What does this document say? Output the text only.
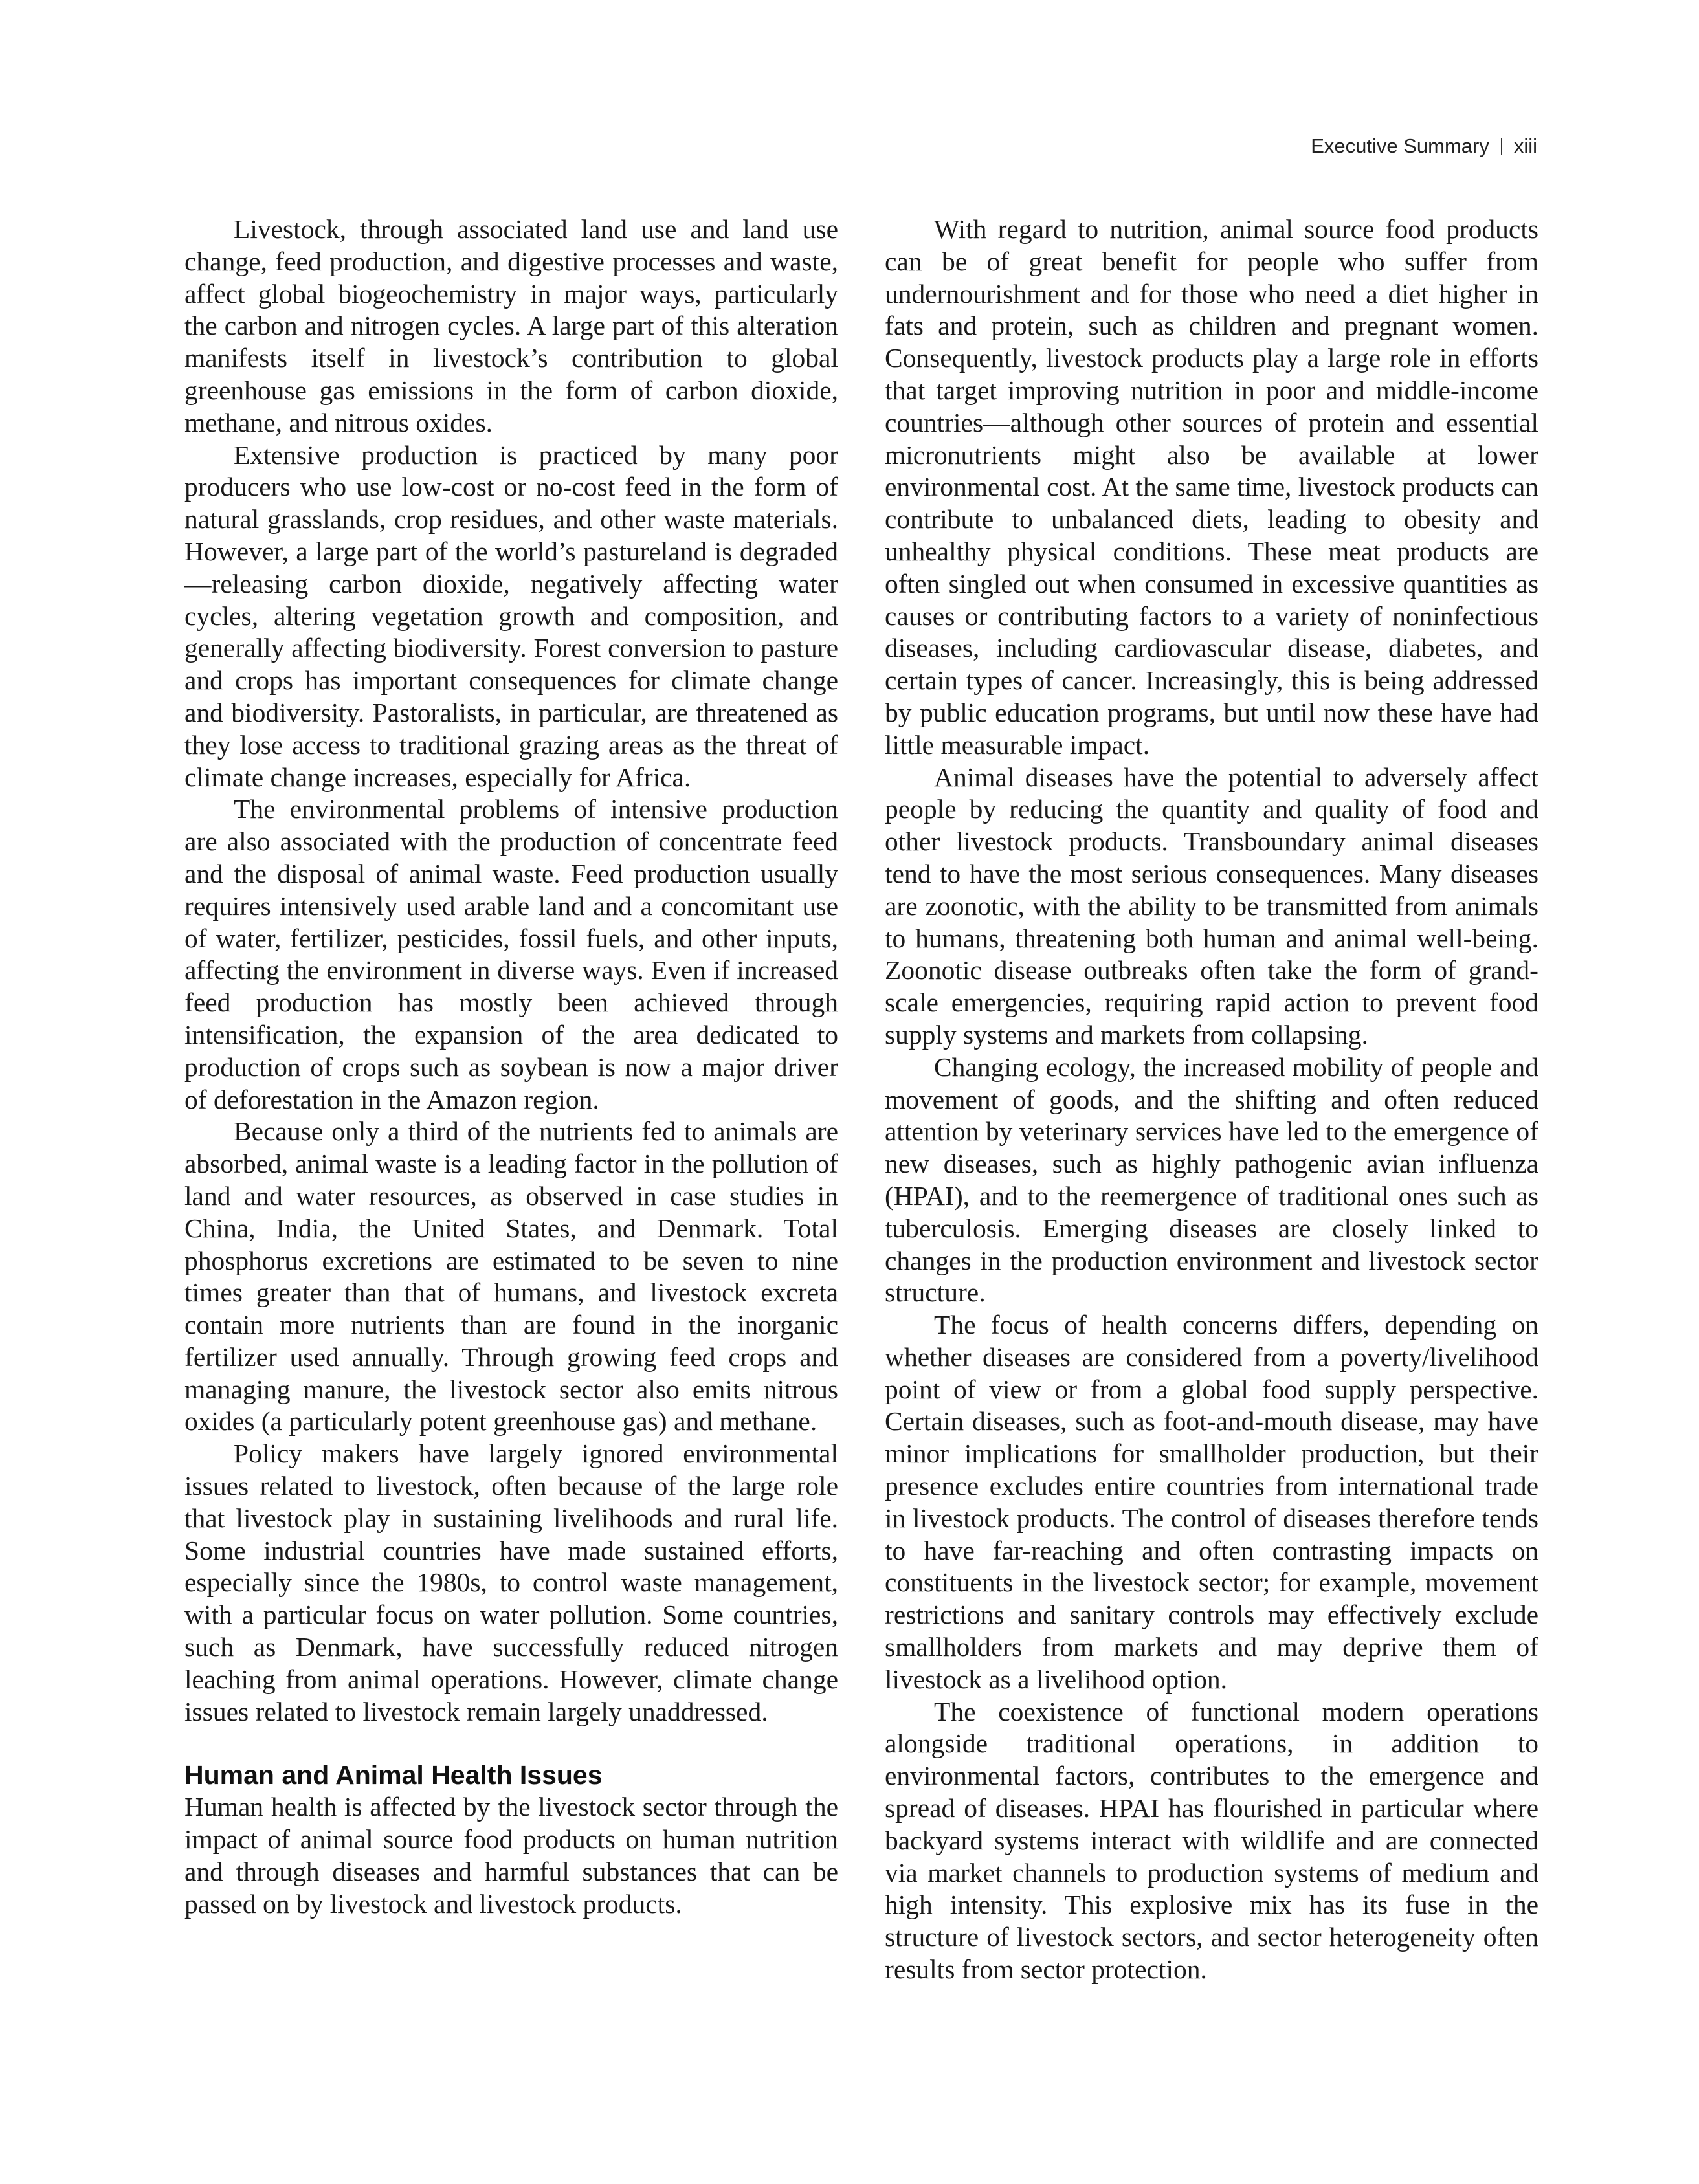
Executive Summary xiii

Livestock, through associated land use and land use change, feed production, and digestive processes and waste, affect global biogeochemistry in major ways, particularly the carbon and nitrogen cycles. A large part of this alteration manifests itself in livestock’s contribution to global greenhouse gas emissions in the form of carbon dioxide, methane, and nitrous oxides.

Extensive production is practiced by many poor producers who use low-cost or no-cost feed in the form of natural grasslands, crop residues, and other waste materials. However, a large part of the world’s pastureland is degraded—releasing carbon dioxide, negatively affecting water cycles, altering vegetation growth and composition, and generally affecting biodiversity. Forest conversion to pasture and crops has important consequences for climate change and biodiversity. Pastoralists, in particular, are threatened as they lose access to traditional grazing areas as the threat of climate change increases, especially for Africa.

The environmental problems of intensive production are also associated with the production of concentrate feed and the disposal of animal waste. Feed production usually requires intensively used arable land and a concomitant use of water, fertilizer, pesticides, fossil fuels, and other inputs, affecting the environment in diverse ways. Even if increased feed production has mostly been achieved through intensification, the expansion of the area dedicated to production of crops such as soybean is now a major driver of deforestation in the Amazon region.

Because only a third of the nutrients fed to animals are absorbed, animal waste is a leading factor in the pollution of land and water resources, as observed in case studies in China, India, the United States, and Denmark. Total phosphorus excretions are estimated to be seven to nine times greater than that of humans, and livestock excreta contain more nutrients than are found in the inorganic fertilizer used annually. Through growing feed crops and managing manure, the livestock sector also emits nitrous oxides (a particularly potent greenhouse gas) and methane.

Policy makers have largely ignored environmental issues related to livestock, often because of the large role that livestock play in sustaining livelihoods and rural life. Some industrial countries have made sustained efforts, especially since the 1980s, to control waste management, with a particular focus on water pollution. Some countries, such as Denmark, have successfully reduced nitrogen leaching from animal operations. However, climate change issues related to livestock remain largely unaddressed.

Human and Animal Health Issues

Human health is affected by the livestock sector through the impact of animal source food products on human nutrition and through diseases and harmful substances that can be passed on by livestock and livestock products.

With regard to nutrition, animal source food products can be of great benefit for people who suffer from undernourishment and for those who need a diet higher in fats and protein, such as children and pregnant women. Consequently, livestock products play a large role in efforts that target improving nutrition in poor and middle-income countries—although other sources of protein and essential micronutrients might also be available at lower environmental cost. At the same time, livestock products can contribute to unbalanced diets, leading to obesity and unhealthy physical conditions. These meat products are often singled out when consumed in excessive quantities as causes or contributing factors to a variety of noninfectious diseases, including cardiovascular disease, diabetes, and certain types of cancer. Increasingly, this is being addressed by public education programs, but until now these have had little measurable impact.

Animal diseases have the potential to adversely affect people by reducing the quantity and quality of food and other livestock products. Transboundary animal diseases tend to have the most serious consequences. Many diseases are zoonotic, with the ability to be transmitted from animals to humans, threatening both human and animal well-being. Zoonotic disease outbreaks often take the form of grand-scale emergencies, requiring rapid action to prevent food supply systems and markets from collapsing.

Changing ecology, the increased mobility of people and movement of goods, and the shifting and often reduced attention by veterinary services have led to the emergence of new diseases, such as highly pathogenic avian influenza (HPAI), and to the reemergence of traditional ones such as tuberculosis. Emerging diseases are closely linked to changes in the production environment and livestock sector structure.

The focus of health concerns differs, depending on whether diseases are considered from a poverty/livelihood point of view or from a global food supply perspective. Certain diseases, such as foot-and-mouth disease, may have minor implications for smallholder production, but their presence excludes entire countries from international trade in livestock products. The control of diseases therefore tends to have far-reaching and often contrasting impacts on constituents in the livestock sector; for example, movement restrictions and sanitary controls may effectively exclude smallholders from markets and may deprive them of livestock as a livelihood option.

The coexistence of functional modern operations alongside traditional operations, in addition to environmental factors, contributes to the emergence and spread of diseases. HPAI has flourished in particular where backyard systems interact with wildlife and are connected via market channels to production systems of medium and high intensity. This explosive mix has its fuse in the structure of livestock sectors, and sector heterogeneity often results from sector protection.
